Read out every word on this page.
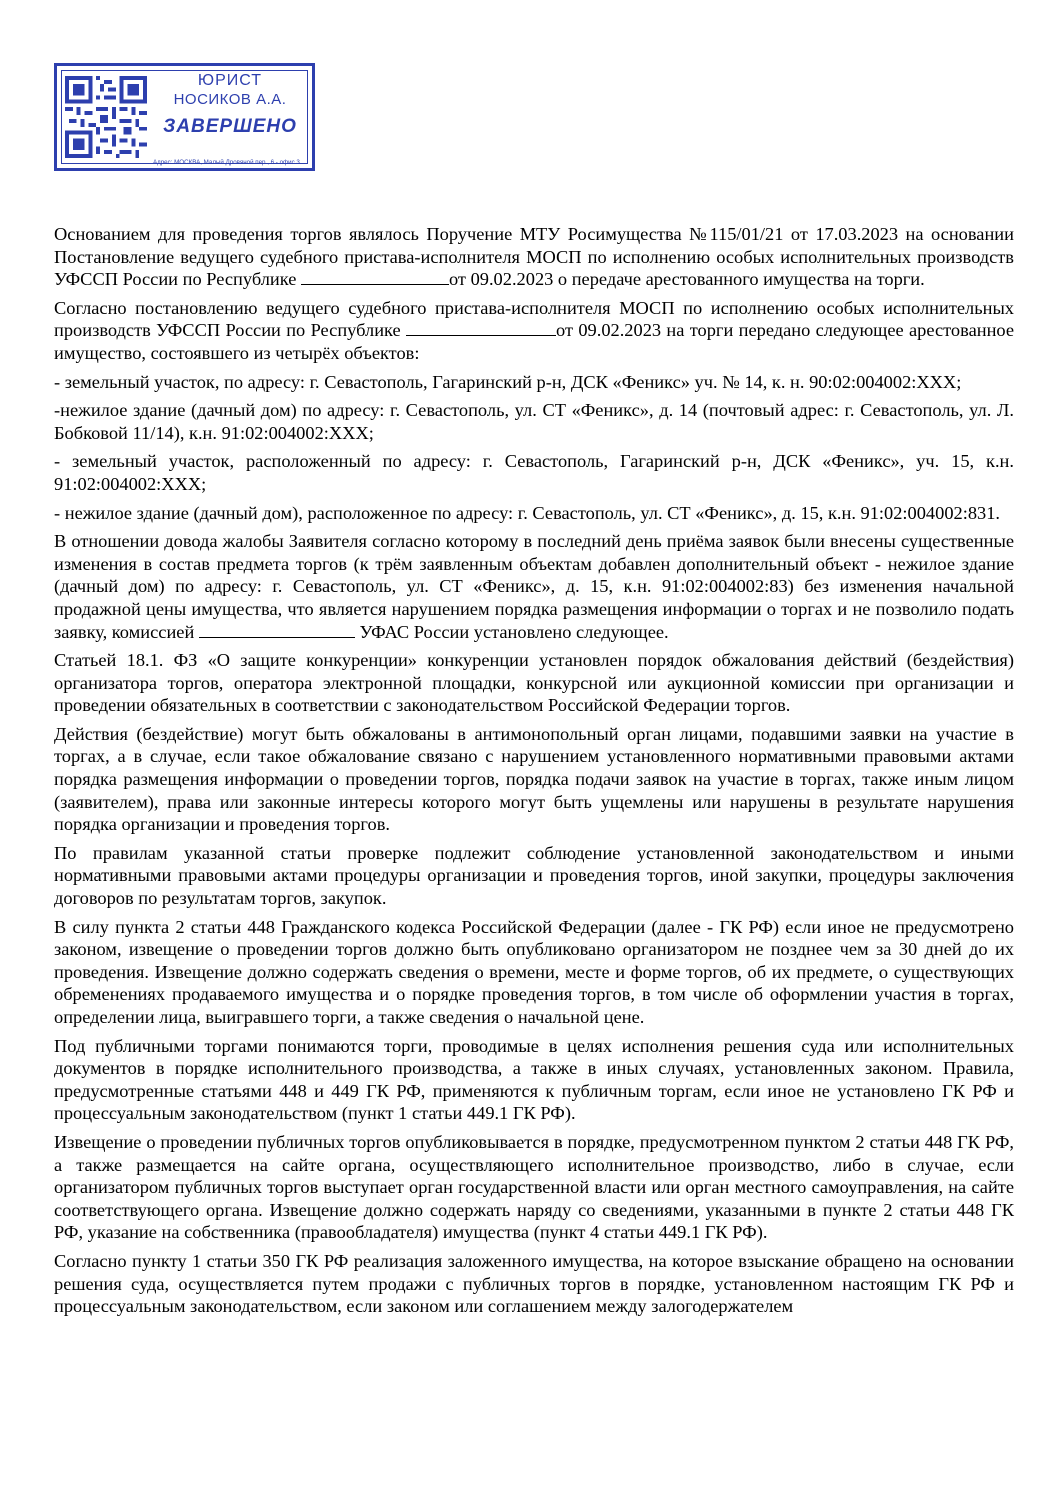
ЮРИСТ
НОСИКОВ А.А.
ЗАВЕРШЕНО
Адрес: МОСКВА, Малый Дровяной пер., 6 - офис 3

Основанием для проведения торгов являлось Поручение МТУ Росимущества №115/01/21 от 17.03.2023 на основании Постановление ведущего судебного пристава-исполнителя МОСП по исполнению особых исполнительных производств УФССП России по Республике	от 09.02.2023 о передаче арестованного имущества на торги.

Согласно постановлению ведущего судебного пристава-исполнителя МОСП по исполнению особых исполнительных производств УФССП России по Республике	от 09.02.2023 на торги передано следующее арестованное имущество, состоявшего из четырёх объектов:

- земельный участок, по адресу: г. Севастополь, Гагаринский р-н, ДСК «Феникс» уч. № 14, к. н. 90:02:004002:XXX;

-нежилое здание (дачный дом) по адресу: г. Севастополь, ул. СТ «Феникс», д. 14 (почтовый адрес: г. Севастополь, ул. Л. Бобковой 11/14), к.н. 91:02:004002:XXX;

- земельный участок, расположенный по адресу: г. Севастополь, Гагаринский р-н, ДСК «Феникс», уч. 15, к.н. 91:02:004002:XXX;

- нежилое здание (дачный дом), расположенное по адресу: г. Севастополь, ул. СТ «Феникс», д. 15, к.н. 91:02:004002:831.

В отношении довода жалобы Заявителя согласно которому в последний день приёма заявок были внесены существенные изменения в состав предмета торгов (к трём заявленным объектам добавлен дополнительный объект - нежилое здание (дачный дом) по адресу: г. Севастополь, ул. СТ «Феникс», д. 15, к.н. 91:02:004002:83) без изменения начальной продажной цены имущества, что является нарушением порядка размещения информации о торгах и не позволило подать заявку, комиссией	УФАС России установлено следующее.

Статьей 18.1. ФЗ «О защите конкуренции» конкуренции установлен порядок обжалования действий (бездействия) организатора торгов, оператора электронной площадки, конкурсной или аукционной комиссии при организации и проведении обязательных в соответствии с законодательством Российской Федерации торгов.

Действия (бездействие) могут быть обжалованы в антимонопольный орган лицами, подавшими заявки на участие в торгах, а в случае, если такое обжалование связано с нарушением установленного нормативными правовыми актами порядка размещения информации о проведении торгов, порядка подачи заявок на участие в торгах, также иным лицом (заявителем), права или законные интересы которого могут быть ущемлены или нарушены в результате нарушения порядка организации и проведения торгов.

По правилам указанной статьи проверке подлежит соблюдение установленной законодательством и иными нормативными правовыми актами процедуры организации и проведения торгов, иной закупки, процедуры заключения договоров по результатам торгов, закупок.

В силу пункта 2 статьи 448 Гражданского кодекса Российской Федерации (далее - ГК РФ) если иное не предусмотрено законом, извещение о проведении торгов должно быть опубликовано организатором не позднее чем за 30 дней до их проведения. Извещение должно содержать сведения о времени, месте и форме торгов, об их предмете, о существующих обременениях продаваемого имущества и о порядке проведения торгов, в том числе об оформлении участия в торгах, определении лица, выигравшего торги, а также сведения о начальной цене.

Под публичными торгами понимаются торги, проводимые в целях исполнения решения суда или исполнительных документов в порядке исполнительного производства, а также в иных случаях, установленных законом. Правила, предусмотренные статьями 448 и 449 ГК РФ, применяются к публичным торгам, если иное не установлено ГК РФ и процессуальным законодательством (пункт 1 статьи 449.1 ГК РФ).

Извещение о проведении публичных торгов опубликовывается в порядке, предусмотренном пунктом 2 статьи 448 ГК РФ, а также размещается на сайте органа, осуществляющего исполнительное производство, либо в случае, если организатором публичных торгов выступает орган государственной власти или орган местного самоуправления, на сайте соответствующего органа. Извещение должно содержать наряду со сведениями, указанными в пункте 2 статьи 448 ГК РФ, указание на собственника (правообладателя) имущества (пункт 4 статьи 449.1 ГК РФ).

Согласно пункту 1 статьи 350 ГК РФ реализация заложенного имущества, на которое взыскание обращено на основании решения суда, осуществляется путем продажи с публичных торгов в порядке, установленном настоящим ГК РФ и процессуальным законодательством, если законом или соглашением между залогодержателем
